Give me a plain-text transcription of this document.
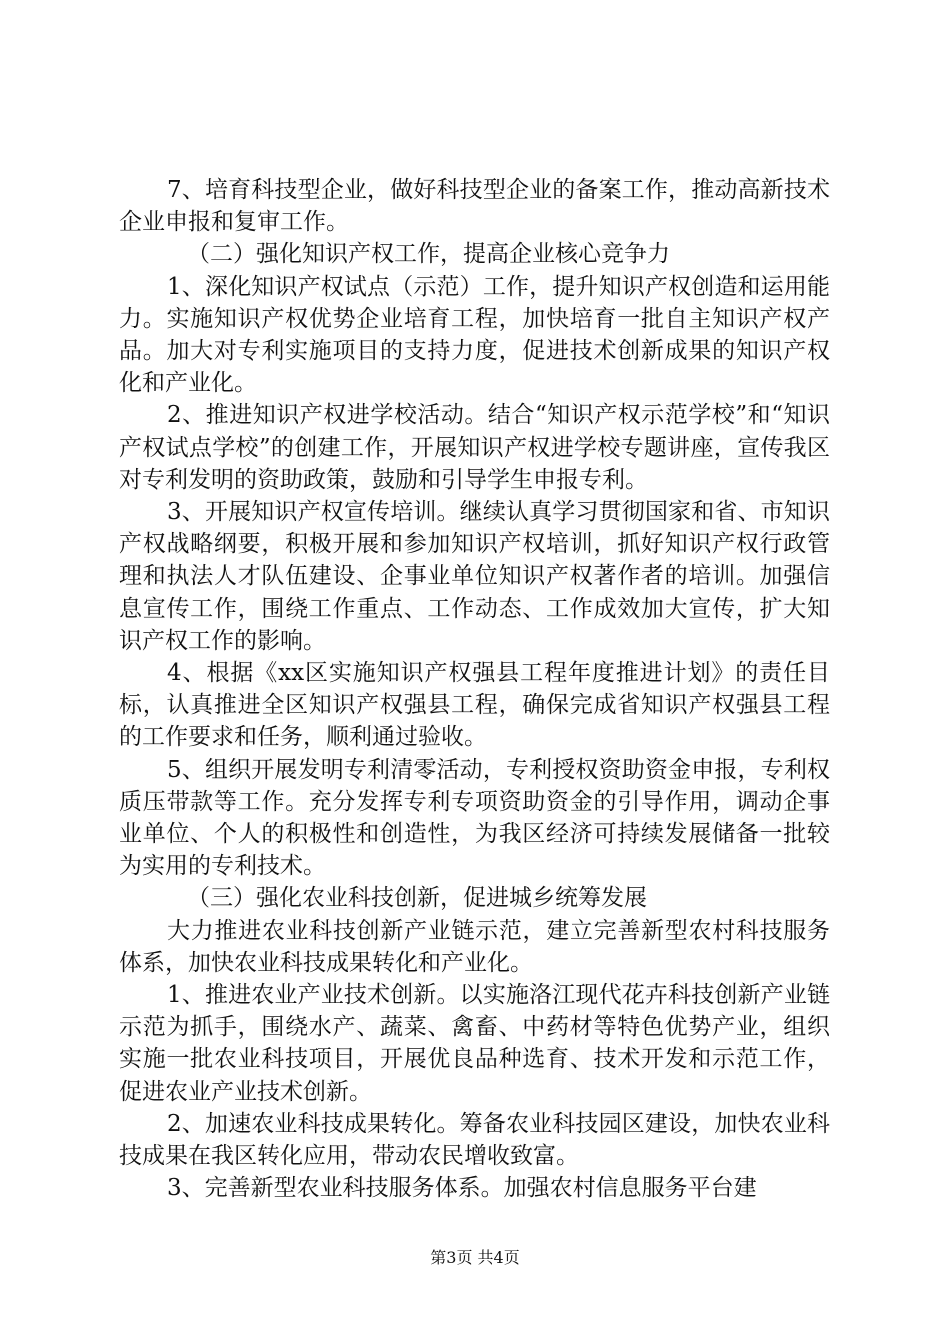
7、培育科技型企业，做好科技型企业的备案工作，推动高新技术企业申报和复审工作。

（二）强化知识产权工作，提高企业核心竞争力

1、深化知识产权试点（示范）工作，提升知识产权创造和运用能力。实施知识产权优势企业培育工程，加快培育一批自主知识产权产品。加大对专利实施项目的支持力度，促进技术创新成果的知识产权化和产业化。

2、推进知识产权进学校活动。结合“知识产权示范学校”和“知识产权试点学校”的创建工作，开展知识产权进学校专题讲座，宣传我区对专利发明的资助政策，鼓励和引导学生申报专利。

3、开展知识产权宣传培训。继续认真学习贯彻国家和省、市知识产权战略纲要，积极开展和参加知识产权培训，抓好知识产权行政管理和执法人才队伍建设、企事业单位知识产权著作者的培训。加强信息宣传工作，围绕工作重点、工作动态、工作成效加大宣传，扩大知识产权工作的影响。

4、根据《xx区实施知识产权强县工程年度推进计划》的责任目标，认真推进全区知识产权强县工程，确保完成省知识产权强县工程的工作要求和任务，顺利通过验收。

5、组织开展发明专利清零活动，专利授权资助资金申报，专利权质压带款等工作。充分发挥专利专项资助资金的引导作用，调动企事业单位、个人的积极性和创造性，为我区经济可持续发展储备一批较为实用的专利技术。

（三）强化农业科技创新，促进城乡统筹发展

大力推进农业科技创新产业链示范，建立完善新型农村科技服务体系，加快农业科技成果转化和产业化。

1、推进农业产业技术创新。以实施洛江现代花卉科技创新产业链示范为抓手，围绕水产、蔬菜、禽畜、中药材等特色优势产业，组织实施一批农业科技项目，开展优良品种选育、技术开发和示范工作，促进农业产业技术创新。

2、加速农业科技成果转化。筹备农业科技园区建设，加快农业科技成果在我区转化应用，带动农民增收致富。

3、完善新型农业科技服务体系。加强农村信息服务平台建

第3页 共4页
